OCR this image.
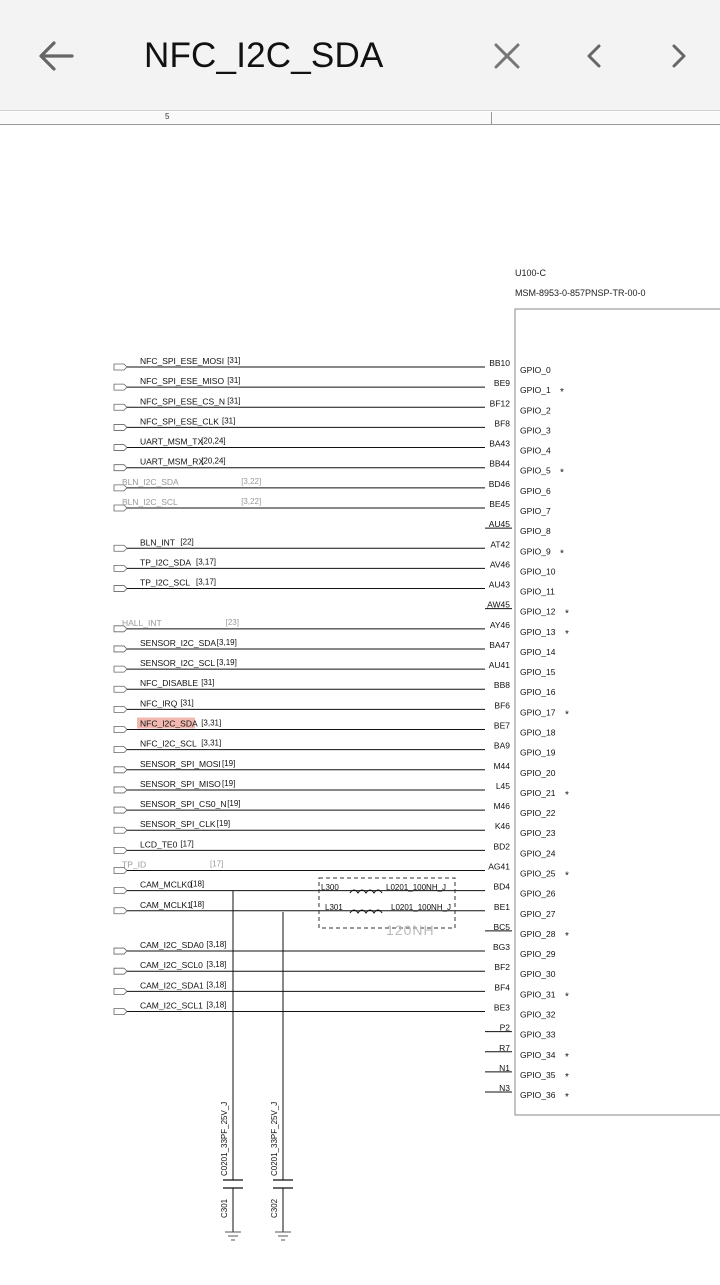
NFC_I2C_SDA
5
U100-C
MSM-8953-0-857PNSP-TR-00-0
NFC_SPI_ESE_MOSI [31]	BB10
GPIO_0
NFC_SPI_ESE_MISO [31]	BE9
GPIO_1 *
NFC_SPI_ESE_CS_N [31]	BF12
GPIO_2
NFC_SPI_ESE_CLK [31]	BF8
GPIO_3
UART_MSM_TX
[20,24]	BA43
GPIO_4
UART_MSM_RX
[20,24]	BB44
GPIO_5 *
BLN_I2C_SDA	[3,22]	BD46
GPIO_6
BLN_I2C_SCL	[3,22]	BE45
GPIO_7
AU45
GPIO_8
BLN_INT [22]	AT42
GPIO_9 *
TP_I2C_SDA [3,17]	AV46
GPIO_10
TP_I2C_SCL [3,17]	AU43
GPIO_11
AW45
GPIO_12 *
HALL_INT	[23]	AY46
GPIO_13 *
SENSOR_I2C_SDA [3,19]	BA47
GPIO_14
SENSOR_I2C_SCL [3,19]	AU41
GPIO_15
NFC_DISABLE [31]	BB8
GPIO_16
NFC_IRQ [31]	BF6
GPIO_17 *
NFC_I2C_SDA [3,31]	BE7
GPIO_18
NFC_I2C_SCL [3,31]	BA9
GPIO_19
SENSOR_SPI_MOSI [19]	M44
GPIO_20
SENSOR_SPI_MISO [19]	L45
GPIO_21 *
SENSOR_SPI_CS0_N [19]	M46
GPIO_22
SENSOR_SPI_CLK [19]	K46
GPIO_23
LCD_TE0 [17]	BD2
GPIO_24
TP_ID	[17]	AG41
GPIO_25 *
CAM_MCLK0
[18]	BD4
GPIO_26
CAM_MCLK1
[18]	BE1
GPIO_27
BC5
GPIO_28 *
CAM_I2C_SDA0 [3,18]	BG3
GPIO_29
CAM_I2C_SCL0 [3,18]	BF2
GPIO_30
CAM_I2C_SDA1 [3,18]	BF4
GPIO_31 *
CAM_I2C_SCL1 [3,18]	BE3
GPIO_32
P2
GPIO_33
R7
GPIO_34 *
N1
GPIO_35 *
N3
GPIO_36 *
L300	L0201_100NH_J
L301	L0201_100NH_J
120NH
C0201_33PF_25V_J
C301
C0201_33PF_25V_J
C302
